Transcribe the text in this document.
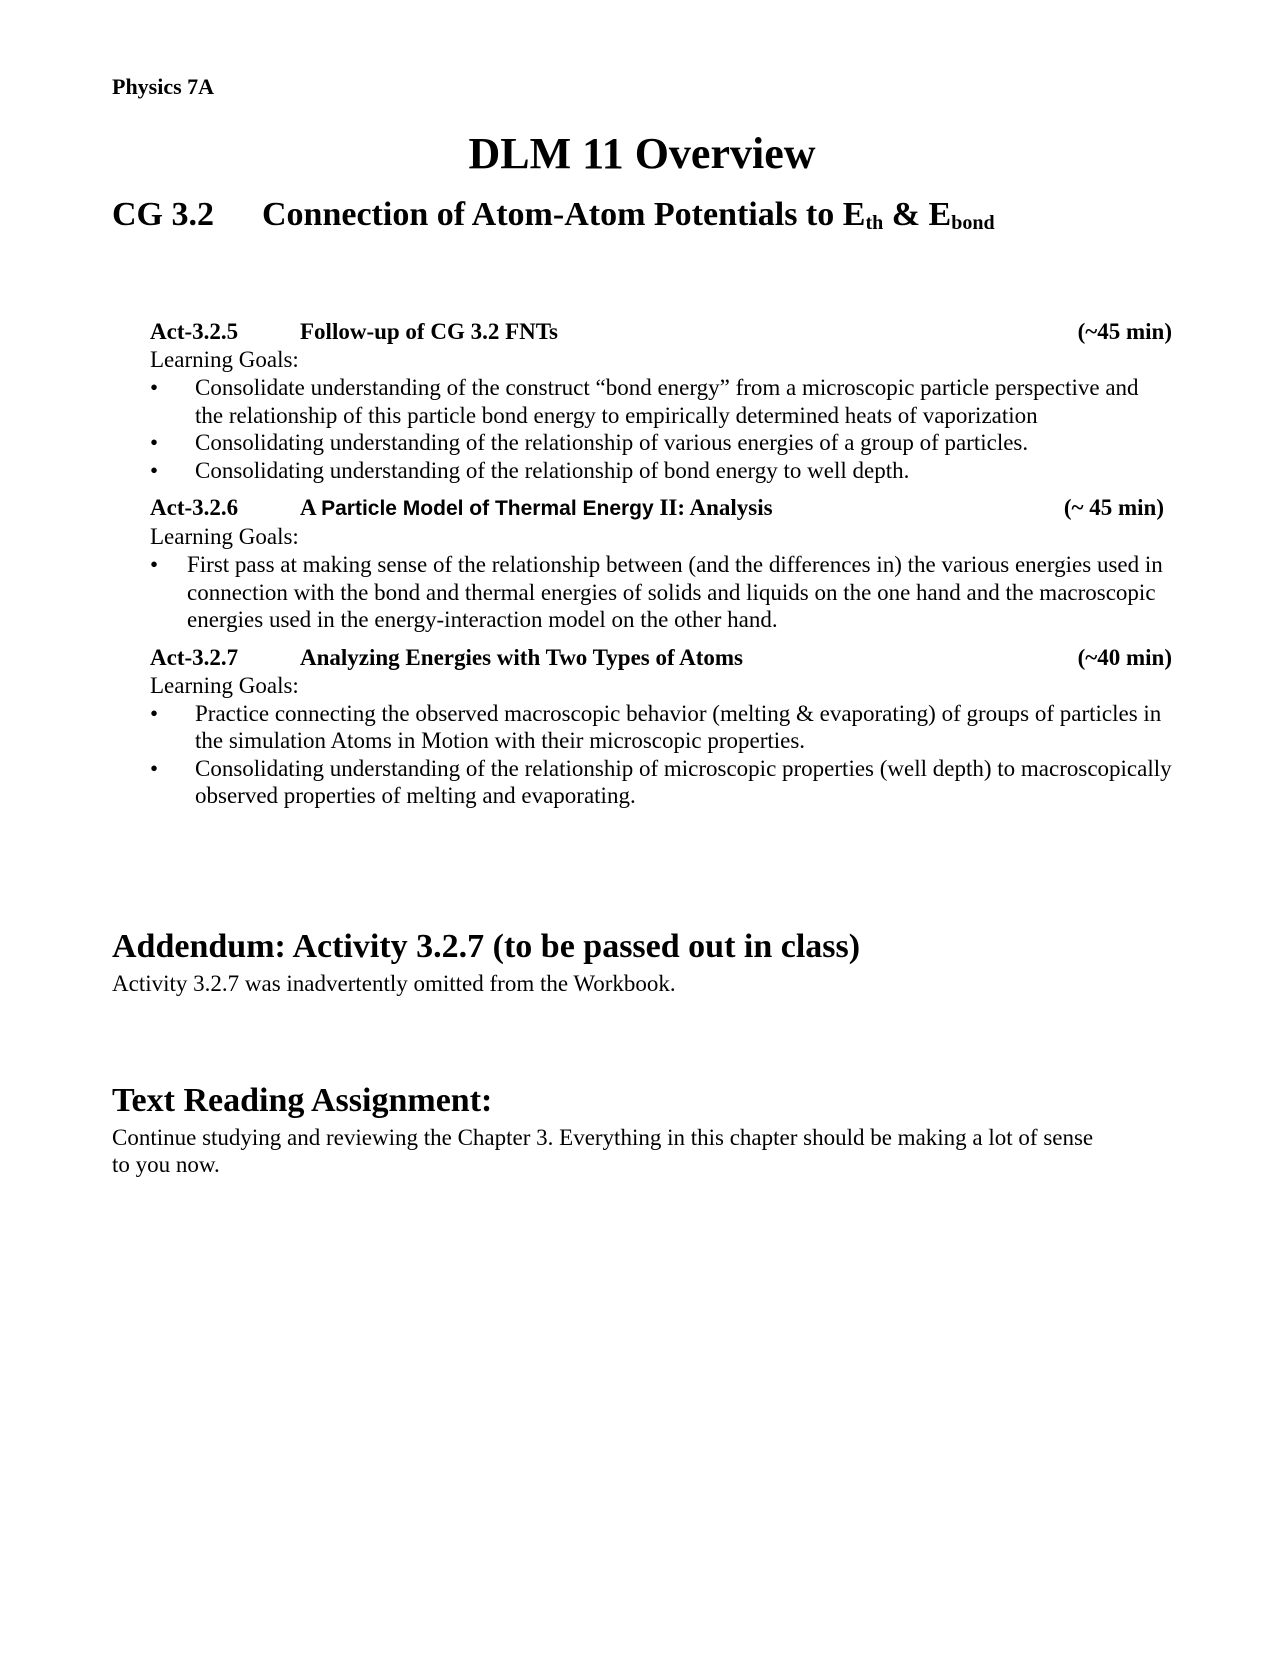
Physics 7A
DLM 11 Overview
CG 3.2 Connection of Atom-Atom Potentials to $E_{th}$ & $E_{bond}$
Act-3.2.5	Follow-up of CG 3.2 FNTs	(~45 min)
Learning Goals:
• Consolidate understanding of the construct “bond energy” from a microscopic particle perspective and the relationship of this particle bond energy to empirically determined heats of vaporization
• Consolidating understanding of the relationship of various energies of a group of particles.
• Consolidating understanding of the relationship of bond energy to well depth.
Act-3.2.6	A Particle Model of Thermal Energy II: Analysis	(~ 45 min)
Learning Goals:
• First pass at making sense of the relationship between (and the differences in) the various energies used in connection with the bond and thermal energies of solids and liquids on the one hand and the macroscopic energies used in the energy-interaction model on the other hand.
Act-3.2.7	Analyzing Energies with Two Types of Atoms	(~40 min)
Learning Goals:
• Practice connecting the observed macroscopic behavior (melting & evaporating) of groups of particles in the simulation Atoms in Motion with their microscopic properties.
• Consolidating understanding of the relationship of microscopic properties (well depth) to macroscopically observed properties of melting and evaporating.
Addendum: Activity 3.2.7 (to be passed out in class)
Activity 3.2.7 was inadvertently omitted from the Workbook.
Text Reading Assignment:
Continue studying and reviewing the Chapter 3. Everything in this chapter should be making a lot of sense to you now.
